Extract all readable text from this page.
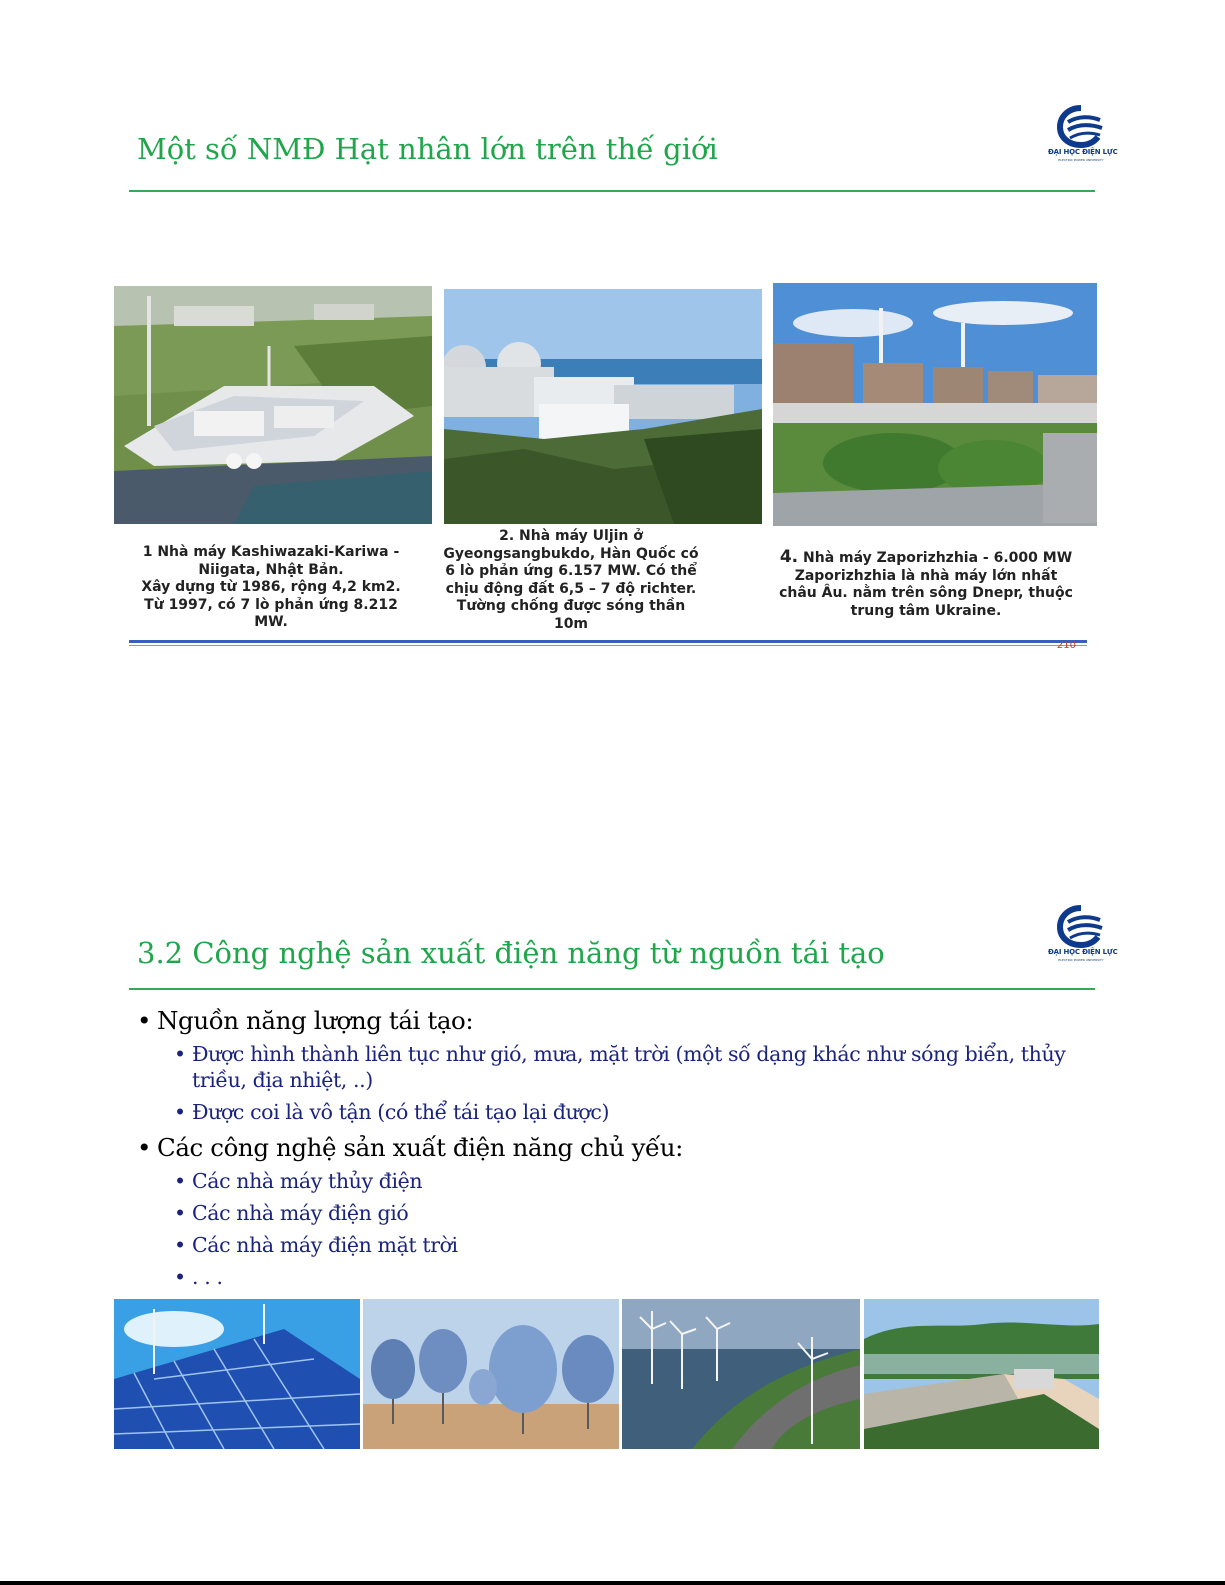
Một số NMĐ Hạt nhân lớn trên thế giới	ĐẠI HỌC ĐIỆN LỰC
ELECTRIC POWER UNIVERSITY
1 Nhà máy Kashiwazaki-Kariwa -
Niigata, Nhật Bản.
Xây dựng từ 1986, rộng 4,2 km2.
Từ 1997, có 7 lò phản ứng 8.212
MW.
2. Nhà máy Uljin ở
Gyeongsangbukdo, Hàn Quốc có
6 lò phản ứng 6.157 MW. Có thể
chịu động đất 6,5 – 7 độ richter.
Tường chống được sóng thần
10m
4. Nhà máy Zaporizhzhia - 6.000 MW
Zaporizhzhia là nhà máy lớn nhất
châu Âu. nằm trên sông Dnepr, thuộc
trung tâm Ukraine.
210
3.2 Công nghệ sản xuất điện năng từ nguồn tái tạo	ĐẠI HỌC ĐIỆN LỰC
ELECTRIC POWER UNIVERSITY
• Nguồn năng lượng tái tạo:
• Được hình thành liên tục như gió, mưa, mặt trời (một số dạng khác như sóng biển, thủy triều, địa nhiệt, ..)
• Được coi là vô tận (có thể tái tạo lại được)
• Các công nghệ sản xuất điện năng chủ yếu:
• Các nhà máy thủy điện
• Các nhà máy điện gió
• Các nhà máy điện mặt trời
• . . .
